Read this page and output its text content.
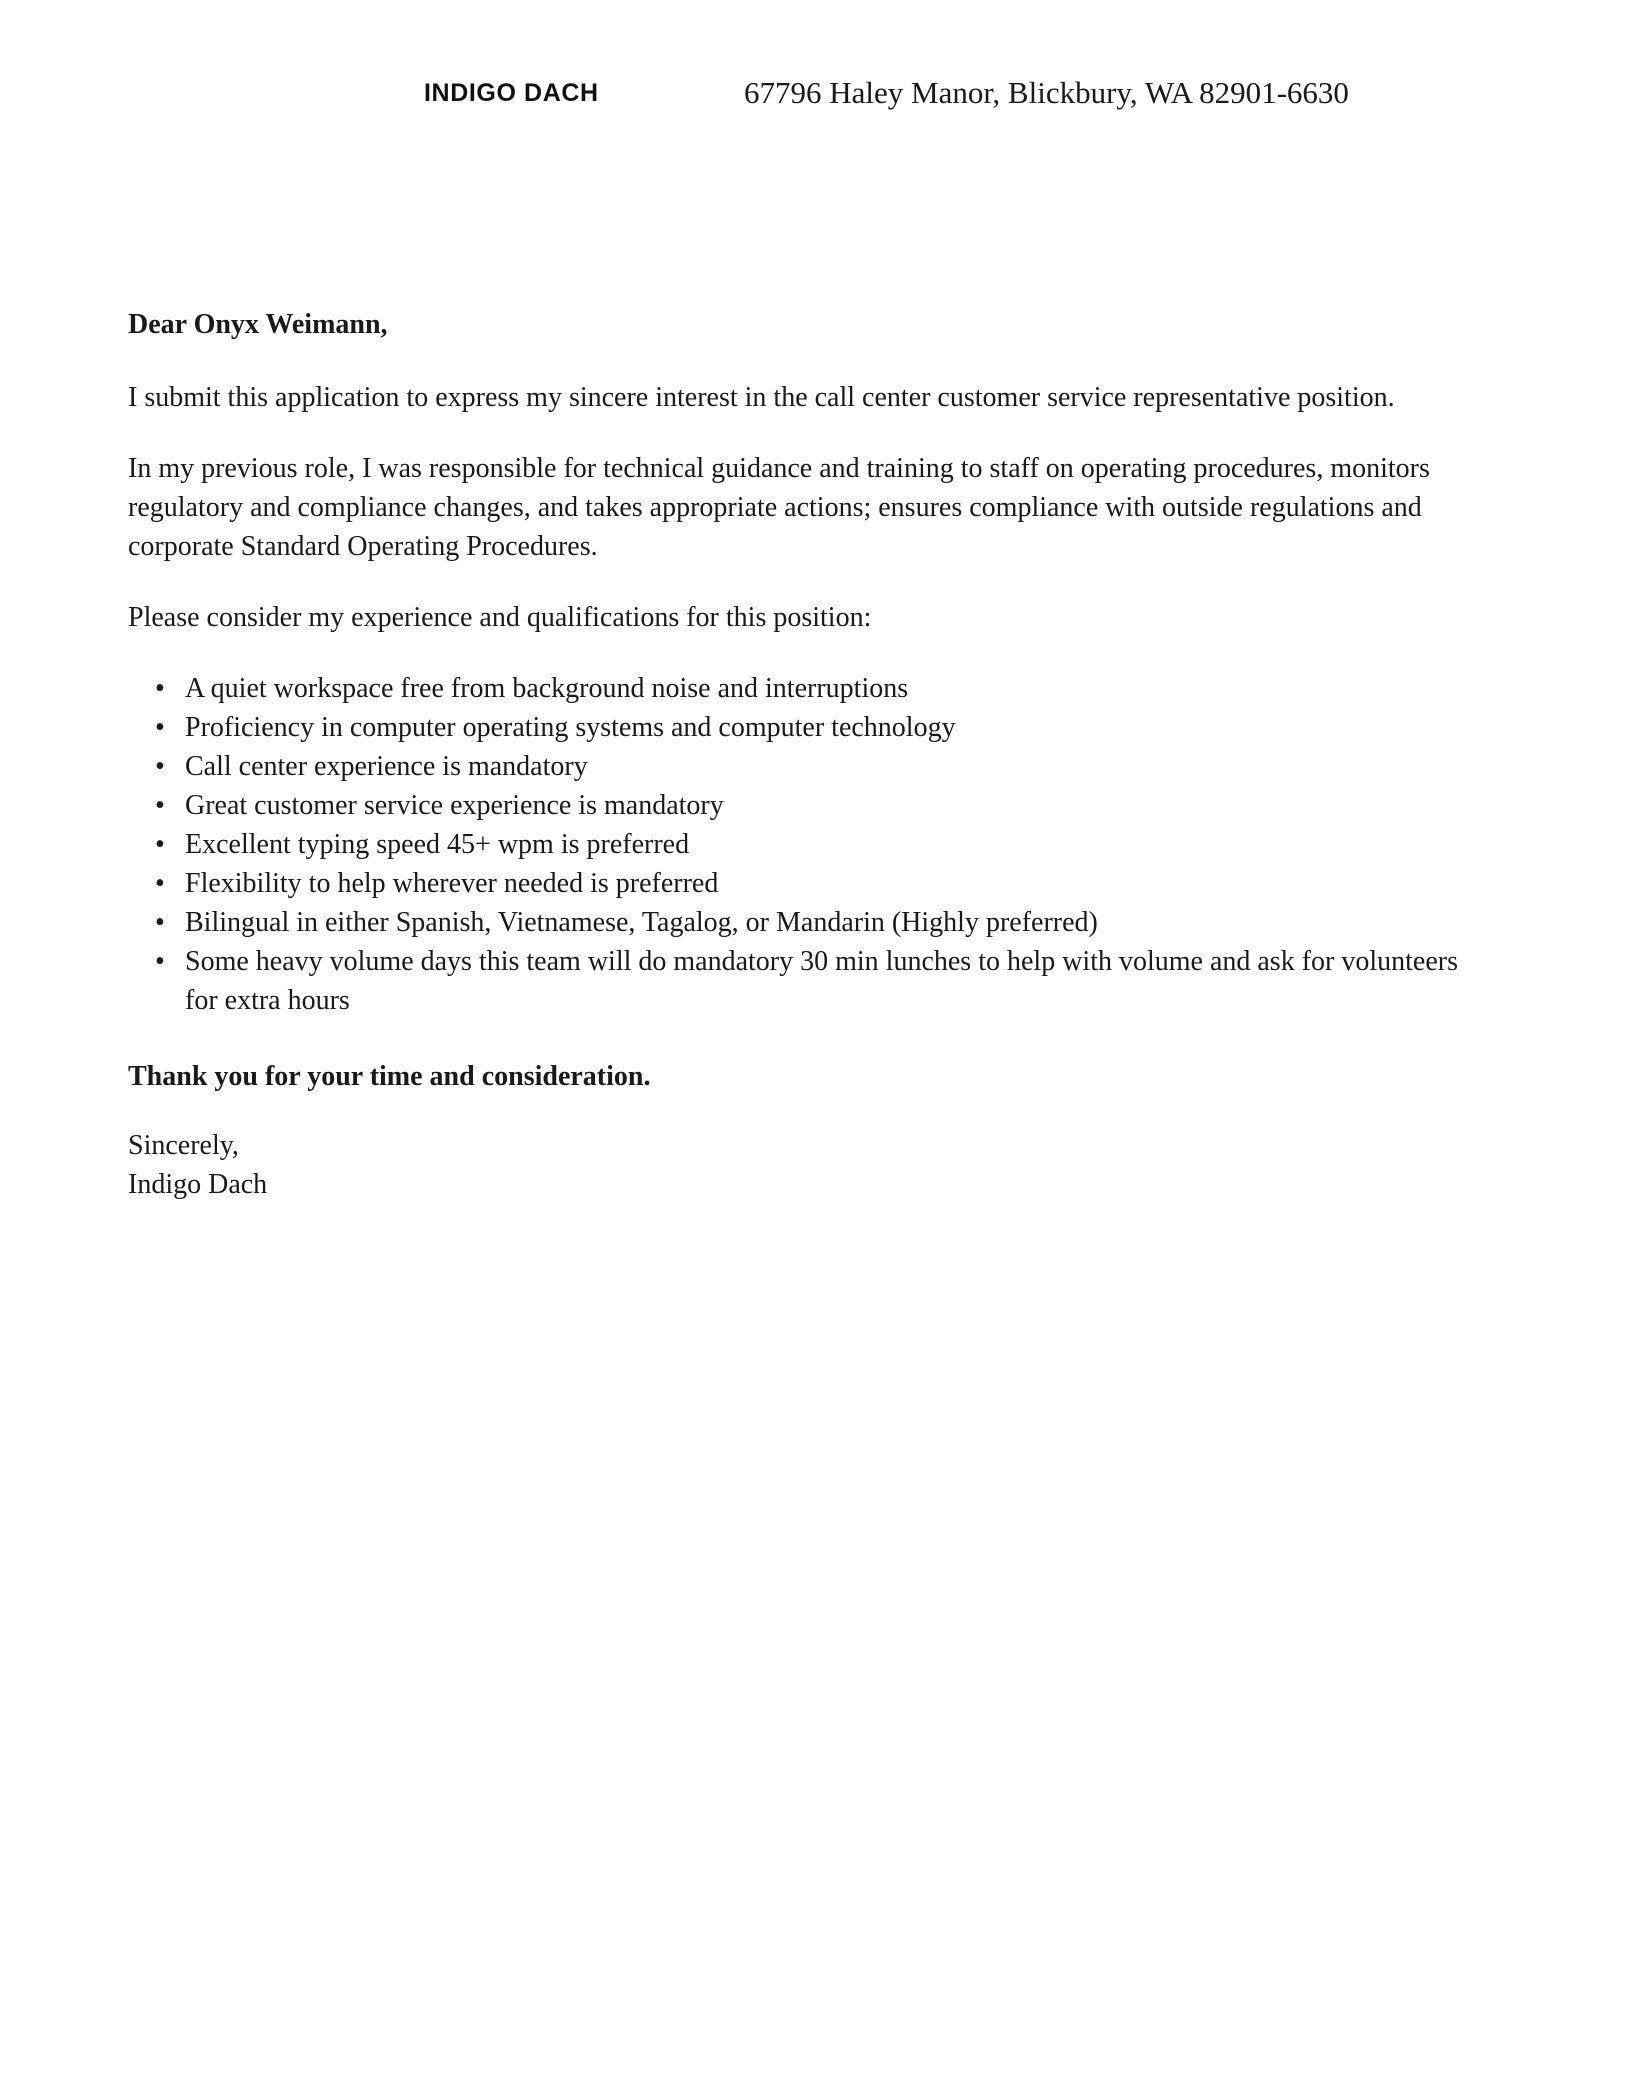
INDIGO DACH	67796 Haley Manor, Blickbury, WA 82901-6630

Dear Onyx Weimann,

I submit this application to express my sincere interest in the call center customer service representative position.

In my previous role, I was responsible for technical guidance and training to staff on operating procedures, monitors regulatory and compliance changes, and takes appropriate actions; ensures compliance with outside regulations and corporate Standard Operating Procedures.

Please consider my experience and qualifications for this position:

• A quiet workspace free from background noise and interruptions
• Proficiency in computer operating systems and computer technology
• Call center experience is mandatory
• Great customer service experience is mandatory
• Excellent typing speed 45+ wpm is preferred
• Flexibility to help wherever needed is preferred
• Bilingual in either Spanish, Vietnamese, Tagalog, or Mandarin (Highly preferred)
• Some heavy volume days this team will do mandatory 30 min lunches to help with volume and ask for volunteers for extra hours

Thank you for your time and consideration.

Sincerely,
Indigo Dach
